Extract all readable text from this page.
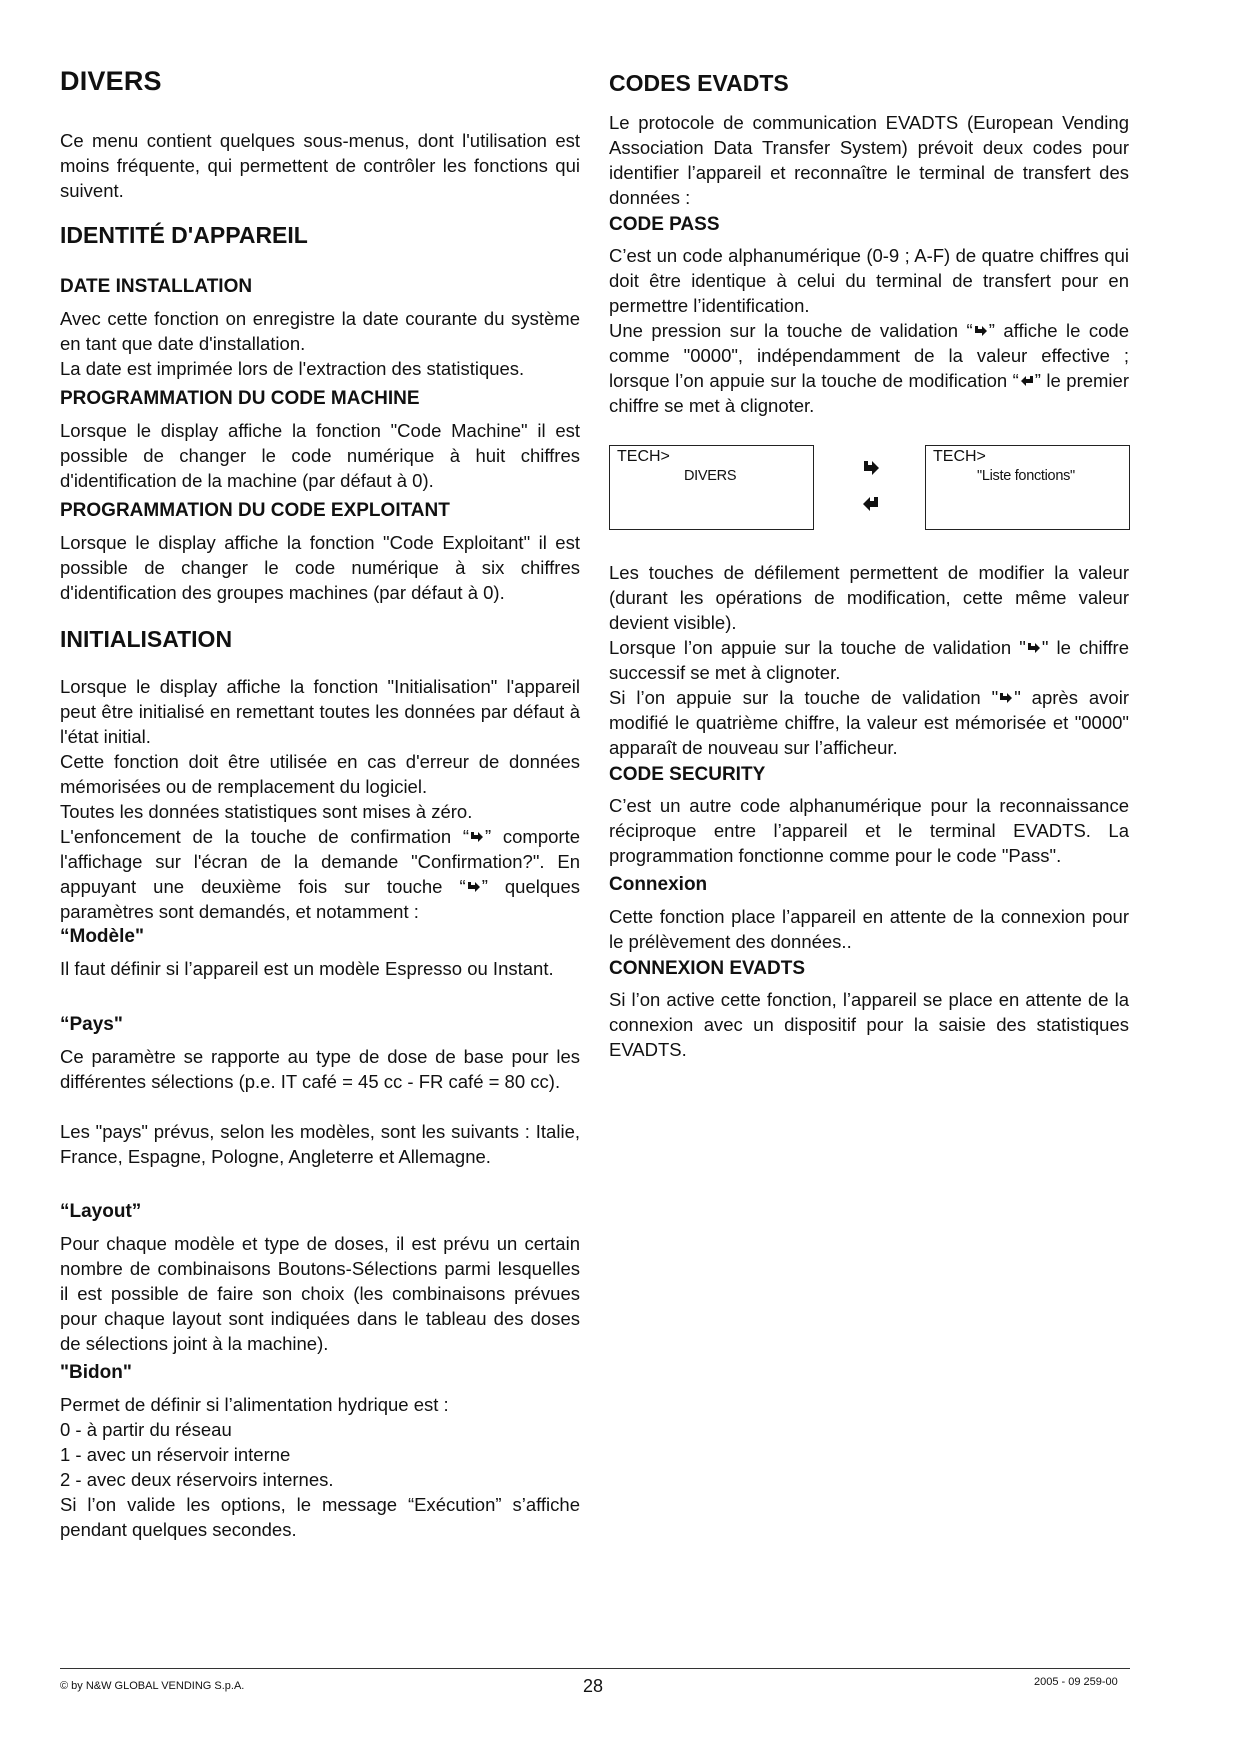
DIVERS

Ce menu contient quelques sous-menus, dont l'utilisation est moins fréquente, qui permettent de contrôler les fonctions qui suivent.

IDENTITÉ D'APPAREIL
DATE INSTALLATION

Avec cette fonction on enregistre la date courante du système en tant que date d'installation.

La date est imprimée lors de l'extraction des statistiques.

PROGRAMMATION DU CODE MACHINE

Lorsque le display affiche la fonction "Code Machine" il est possible de changer le code numérique à huit chiffres d'identification de la machine (par défaut à 0).

PROGRAMMATION DU CODE EXPLOITANT

Lorsque le display affiche la fonction "Code Exploitant" il est possible de changer le code numérique à six chiffres d'identification des groupes machines (par défaut à 0).

INITIALISATION

Lorsque le display affiche la fonction "Initialisation" l'appareil peut être initialisé en remettant toutes les données par défaut à l'état initial.

Cette fonction doit être utilisée en cas d'erreur de données mémorisées ou de remplacement du logiciel.

Toutes les données statistiques sont mises à zéro.

L'enfoncement de la touche de confirmation “ ” comporte l'affichage sur l'écran de la demande "Confirmation?". En appuyant une deuxième fois sur touche “ ” quelques paramètres sont demandés, et notamment :

“Modèle"

Il faut définir si l’appareil est un modèle Espresso ou Instant.

“Pays"

Ce paramètre se rapporte au type de dose de base pour les différentes sélections (p.e. IT café = 45 cc - FR café = 80 cc).

Les "pays" prévus, selon les modèles, sont les suivants : Italie, France, Espagne, Pologne, Angleterre et Allemagne.

“Layout”

Pour chaque modèle et type de doses, il est prévu un certain nombre de combinaisons Boutons-Sélections parmi lesquelles il est possible de faire son choix (les combinaisons prévues pour chaque layout sont indiquées dans le tableau des doses de sélections joint à la machine).

"Bidon"

Permet de définir si l’alimentation hydrique est :

0 - à partir du réseau

1 - avec un réservoir interne

2 - avec deux réservoirs internes.

Si l’on valide les options, le message “Exécution” s’affiche pendant quelques secondes.

CODES EVADTS

Le protocole de communication EVADTS (European Vending Association Data Transfer System) prévoit deux codes pour identifier l’appareil et reconnaître le terminal de transfert des données :

CODE PASS

C’est un code alphanumérique (0-9 ; A-F) de quatre chiffres qui doit être identique à celui du terminal de transfert pour en permettre l’identification.

Une pression sur la touche de validation “ ” affiche le code comme "0000", indépendamment de la valeur effective ; lorsque l’on appuie sur la touche de modification “ ” le premier chiffre se met à clignoter.

TECH>
DIVERS
TECH>
"Liste fonctions"

Les touches de défilement permettent de modifier la valeur (durant les opérations de modification, cette même valeur devient visible).

Lorsque l’on appuie sur la touche de validation " " le chiffre successif se met à clignoter.

Si l’on appuie sur la touche de validation " " après avoir modifié le quatrième chiffre, la valeur est mémorisée et "0000" apparaît de nouveau sur l’afficheur.

CODE SECURITY

C’est un autre code alphanumérique pour la reconnaissance réciproque entre l’appareil et le terminal EVADTS. La programmation fonctionne comme pour le code "Pass".

Connexion

Cette fonction place l’appareil en attente de la connexion pour le prélèvement des données..

CONNEXION EVADTS

Si l’on active cette fonction, l’appareil se place en attente de la connexion avec un dispositif pour la saisie des statistiques EVADTS.

© by N&W GLOBAL VENDING S.p.A.	28	2005 - 09 259-00
